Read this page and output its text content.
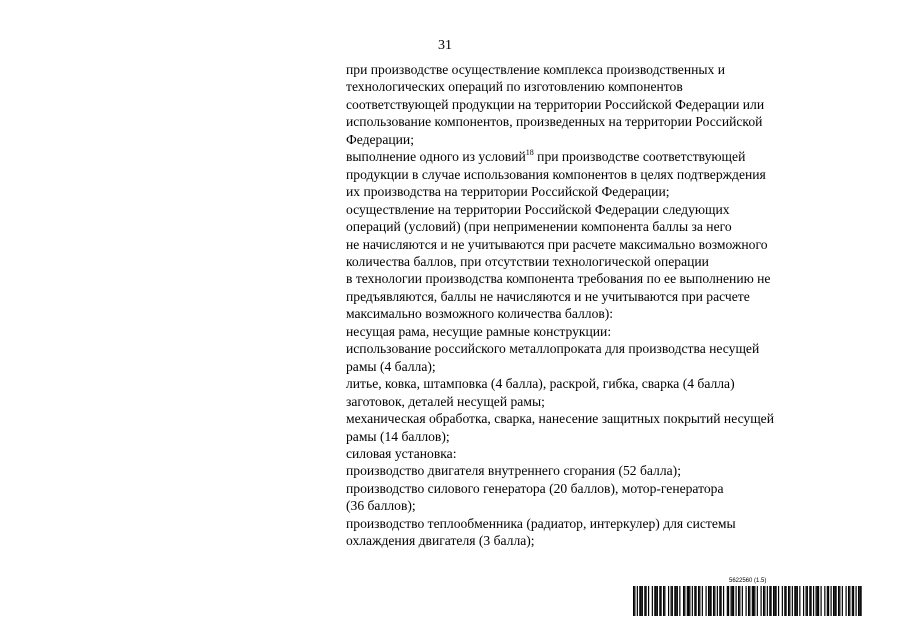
31
при производстве осуществление комплекса производственных и
технологических операций по изготовлению компонентов
соответствующей продукции на территории Российской Федерации или
использование компонентов, произведенных на территории Российской
Федерации;
выполнение одного из условий$^{18}$ при производстве соответствующей
продукции в случае использования компонентов в целях подтверждения
их производства на территории Российской Федерации;
осуществление на территории Российской Федерации следующих
операций (условий) (при неприменении компонента баллы за него
не начисляются и не учитываются при расчете максимально возможного
количества баллов, при отсутствии технологической операции
в технологии производства компонента требования по ее выполнению не
предъявляются, баллы не начисляются и не учитываются при расчете
максимально возможного количества баллов):
несущая рама, несущие рамные конструкции:
использование российского металлопроката для производства несущей
рамы (4 балла);
литье, ковка, штамповка (4 балла), раскрой, гибка, сварка (4 балла)
заготовок, деталей несущей рамы;
механическая обработка, сварка, нанесение защитных покрытий несущей
рамы (14 баллов);
силовая установка:
производство двигателя внутреннего сгорания (52 балла);
производство силового генератора (20 баллов), мотор-генератора
(36 баллов);
производство теплообменника (радиатор, интеркулер) для системы
охлаждения двигателя (3 балла);
5622560 (1.5)
